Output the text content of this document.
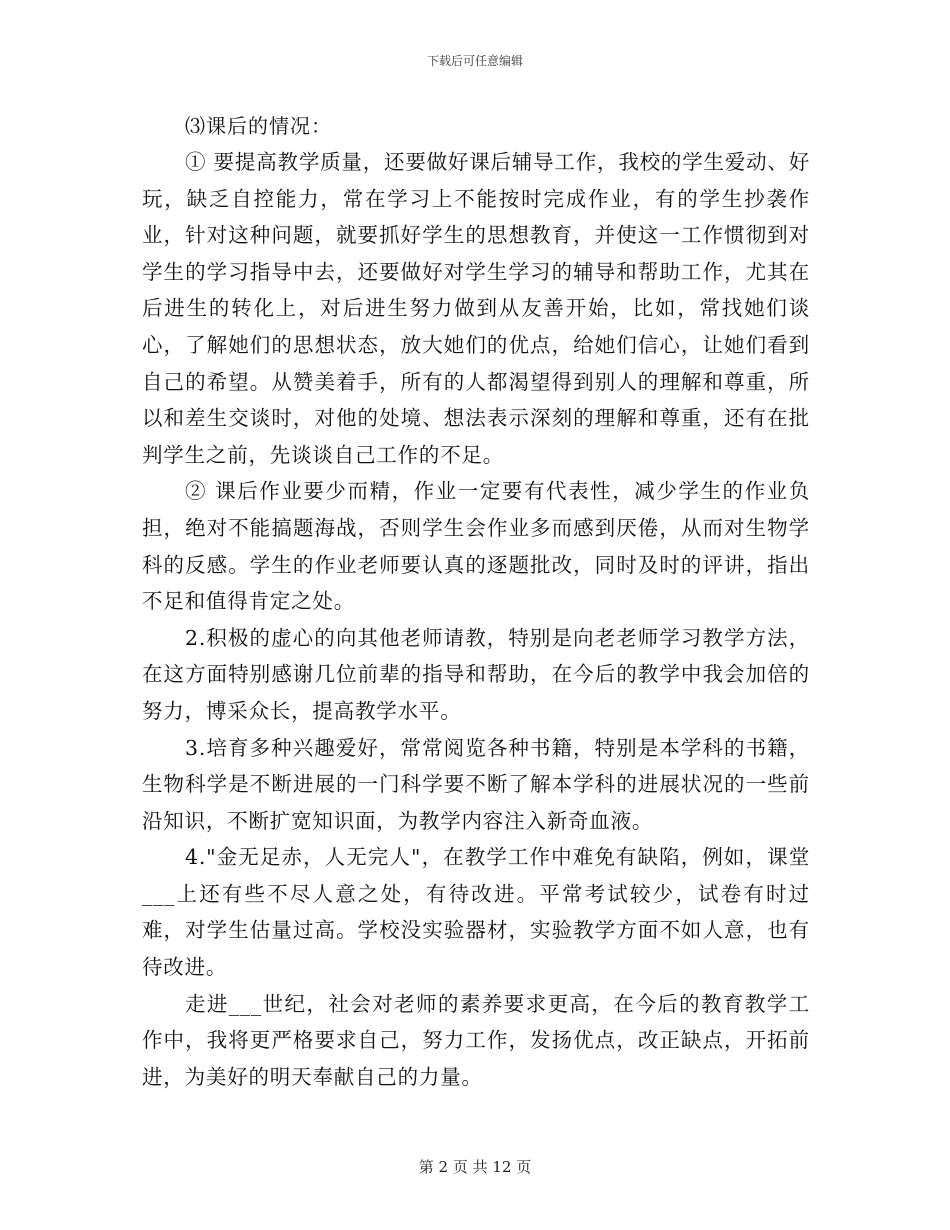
下载后可任意编辑

⑶课后的情况：

① 要提高教学质量，还要做好课后辅导工作，我校的学生爱动、好玩，缺乏自控能力，常在学习上不能按时完成作业，有的学生抄袭作业，针对这种问题，就要抓好学生的思想教育，并使这一工作惯彻到对学生的学习指导中去，还要做好对学生学习的辅导和帮助工作，尤其在后进生的转化上，对后进生努力做到从友善开始，比如，常找她们谈心，了解她们的思想状态，放大她们的优点，给她们信心，让她们看到自己的希望。从赞美着手，所有的人都渴望得到别人的理解和尊重，所以和差生交谈时，对他的处境、想法表示深刻的理解和尊重，还有在批判学生之前，先谈谈自己工作的不足。

② 课后作业要少而精，作业一定要有代表性，减少学生的作业负担，绝对不能搞题海战，否则学生会作业多而感到厌倦，从而对生物学科的反感。学生的作业老师要认真的逐题批改，同时及时的评讲，指出不足和值得肯定之处。

2.积极的虚心的向其他老师请教，特别是向老老师学习教学方法，在这方面特别感谢几位前辈的指导和帮助，在今后的教学中我会加倍的努力，博采众长，提高教学水平。

3.培育多种兴趣爱好，常常阅览各种书籍，特别是本学科的书籍，生物科学是不断进展的一门科学要不断了解本学科的进展状况的一些前沿知识，不断扩宽知识面，为教学内容注入新奇血液。

4."金无足赤，人无完人"，在教学工作中难免有缺陷，例如，课堂___上还有些不尽人意之处，有待改进。平常考试较少，试卷有时过难，对学生估量过高。学校没实验器材，实验教学方面不如人意，也有待改进。

走进___世纪，社会对老师的素养要求更高，在今后的教育教学工作中，我将更严格要求自己，努力工作，发扬优点，改正缺点，开拓前进，为美好的明天奉献自己的力量。

第 2 页 共 12 页
